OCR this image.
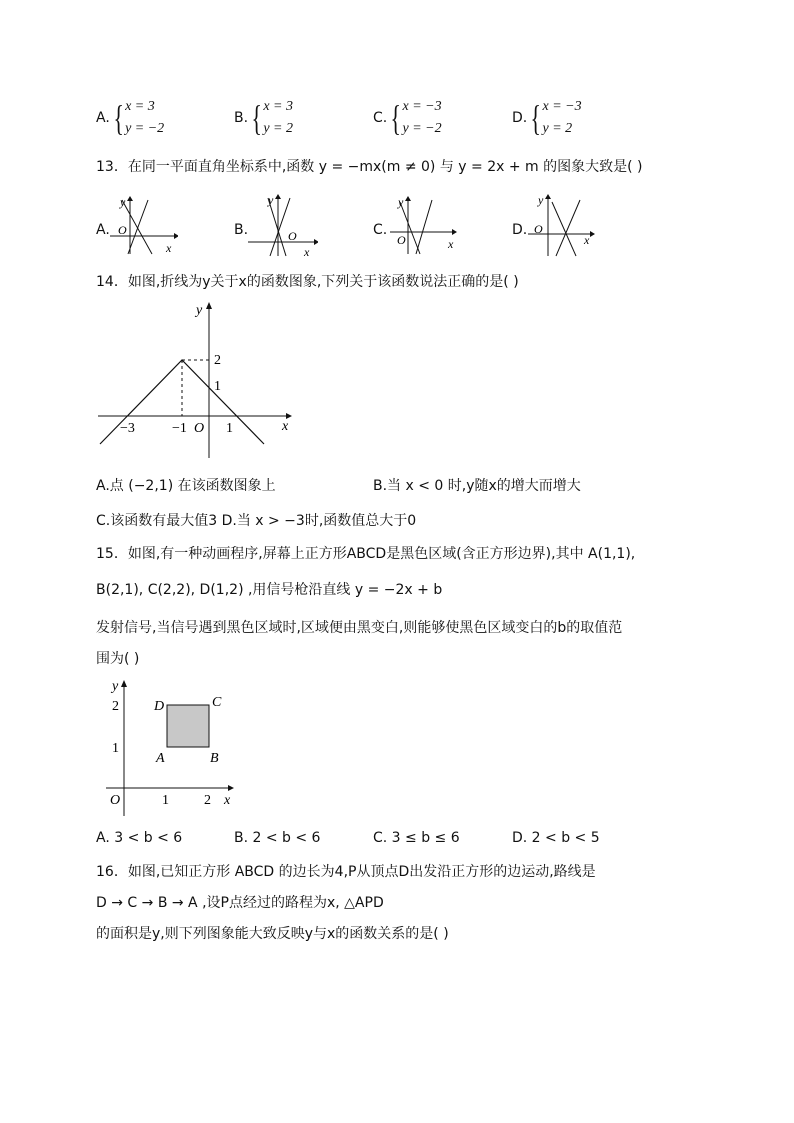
A. { x = 3
y = −2
B. { x = 3
y = 2
C. { x = −3
y = −2
D. { x = −3
y = 2
13．在同一平面直角坐标系中,函数 y = −mx(m ≠ 0) 与 y = 2x + m 的图象大致是( )
A.
y
x
O	B.
y
x
O	C.
y
x
O
D.
y
x
O
14．如图,折线为y关于x的函数图象,下列关于该函数说法正确的是( )
y
x
O
2
1
−3	−1	1
A.点 (−2,1) 在该函数图象上	B.当 x < 0 时,y随x的增大而增大
C.该函数有最大值3 D.当 x > −3时,函数值总大于0
15．如图,有一种动画程序,屏幕上正方形ABCD是黑色区域(含正方形边界),其中 A(1,1),
B(2,1), C(2,2), D(1,2) ,用信号枪沿直线 y = −2x + b
发射信号,当信号遇到黑色区域时,区域便由黑变白,则能够使黑色区域变白的b的取值范
围为( )
y
x
O
2
1
1	2
A	B
C
D
A. 3 < b < 6	B. 2 < b < 6	C. 3 ≤ b ≤ 6	D. 2 < b < 5
16．如图,已知正方形 ABCD 的边长为4,P从顶点D出发沿正方形的边运动,路线是
D → C → B → A ,设P点经过的路程为x, △APD
的面积是y,则下列图象能大致反映y与x的函数关系的是( )
